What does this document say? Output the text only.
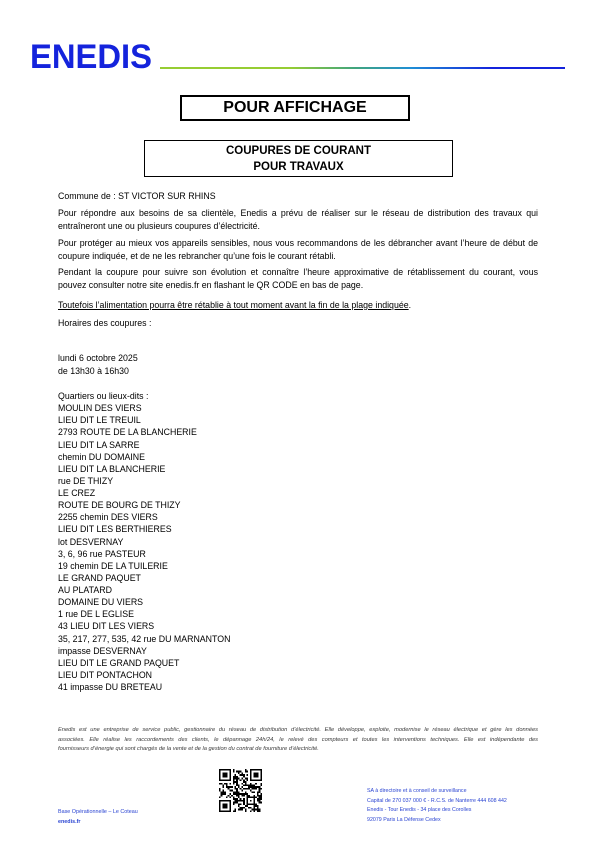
ENEDIS
POUR AFFICHAGE
COUPURES DE COURANT
POUR TRAVAUX
Commune de : ST VICTOR SUR RHINS
Pour répondre aux besoins de sa clientèle, Enedis a prévu de réaliser sur le réseau de distribution des travaux qui
entraîneront une ou plusieurs coupures d’électricité.
Pour protéger au mieux vos appareils sensibles, nous vous recommandons de les débrancher avant l’heure de début de
coupure indiquée, et de ne les rebrancher qu’une fois le courant rétabli.
Pendant la coupure pour suivre son évolution et connaître l’heure approximative de rétablissement du courant, vous
pouvez consulter notre site enedis.fr en flashant le QR CODE en bas de page.
Toutefois l’alimentation pourra être rétablie à tout moment avant la fin de la plage indiquée.
Horaires des coupures :
lundi 6 octobre 2025
de 13h30 à 16h30
Quartiers ou lieux-dits :
MOULIN DES VIERS
LIEU DIT LE TREUIL
2793 ROUTE DE LA BLANCHERIE
LIEU DIT LA SARRE
chemin DU DOMAINE
LIEU DIT LA BLANCHERIE
rue DE THIZY
LE CREZ
ROUTE DE BOURG DE THIZY
2255 chemin DES VIERS
LIEU DIT LES BERTHIERES
lot DESVERNAY
3, 6, 96 rue PASTEUR
19 chemin DE LA TUILERIE
LE GRAND PAQUET
AU PLATARD
DOMAINE DU VIERS
1 rue DE L EGLISE
43 LIEU DIT LES VIERS
35, 217, 277, 535, 42 rue DU MARNANTON
impasse DESVERNAY
LIEU DIT LE GRAND PAQUET
LIEU DIT PONTACHON
41 impasse DU BRETEAU
Enedis est une entreprise de service public, gestionnaire du réseau de distribution d’électricité. Elle développe, exploite, modernise le réseau électrique et gère les données
associées. Elle réalise les raccordements des clients, le dépannage 24h/24, le relevé des compteurs et toutes les interventions techniques. Elle est indépendante des
fournisseurs d’énergie qui sont chargés de la vente et de la gestion du contrat de fourniture d’électricité.
Base Opérationnelle – Le Coteau
enedis.fr
SA à directoire et à conseil de surveillance
Capital de 270 037 000 € - R.C.S. de Nanterre 444 608 442
Enedis - Tour Enedis - 34 place des Corolles
92079 Paris La Défense Cedex
